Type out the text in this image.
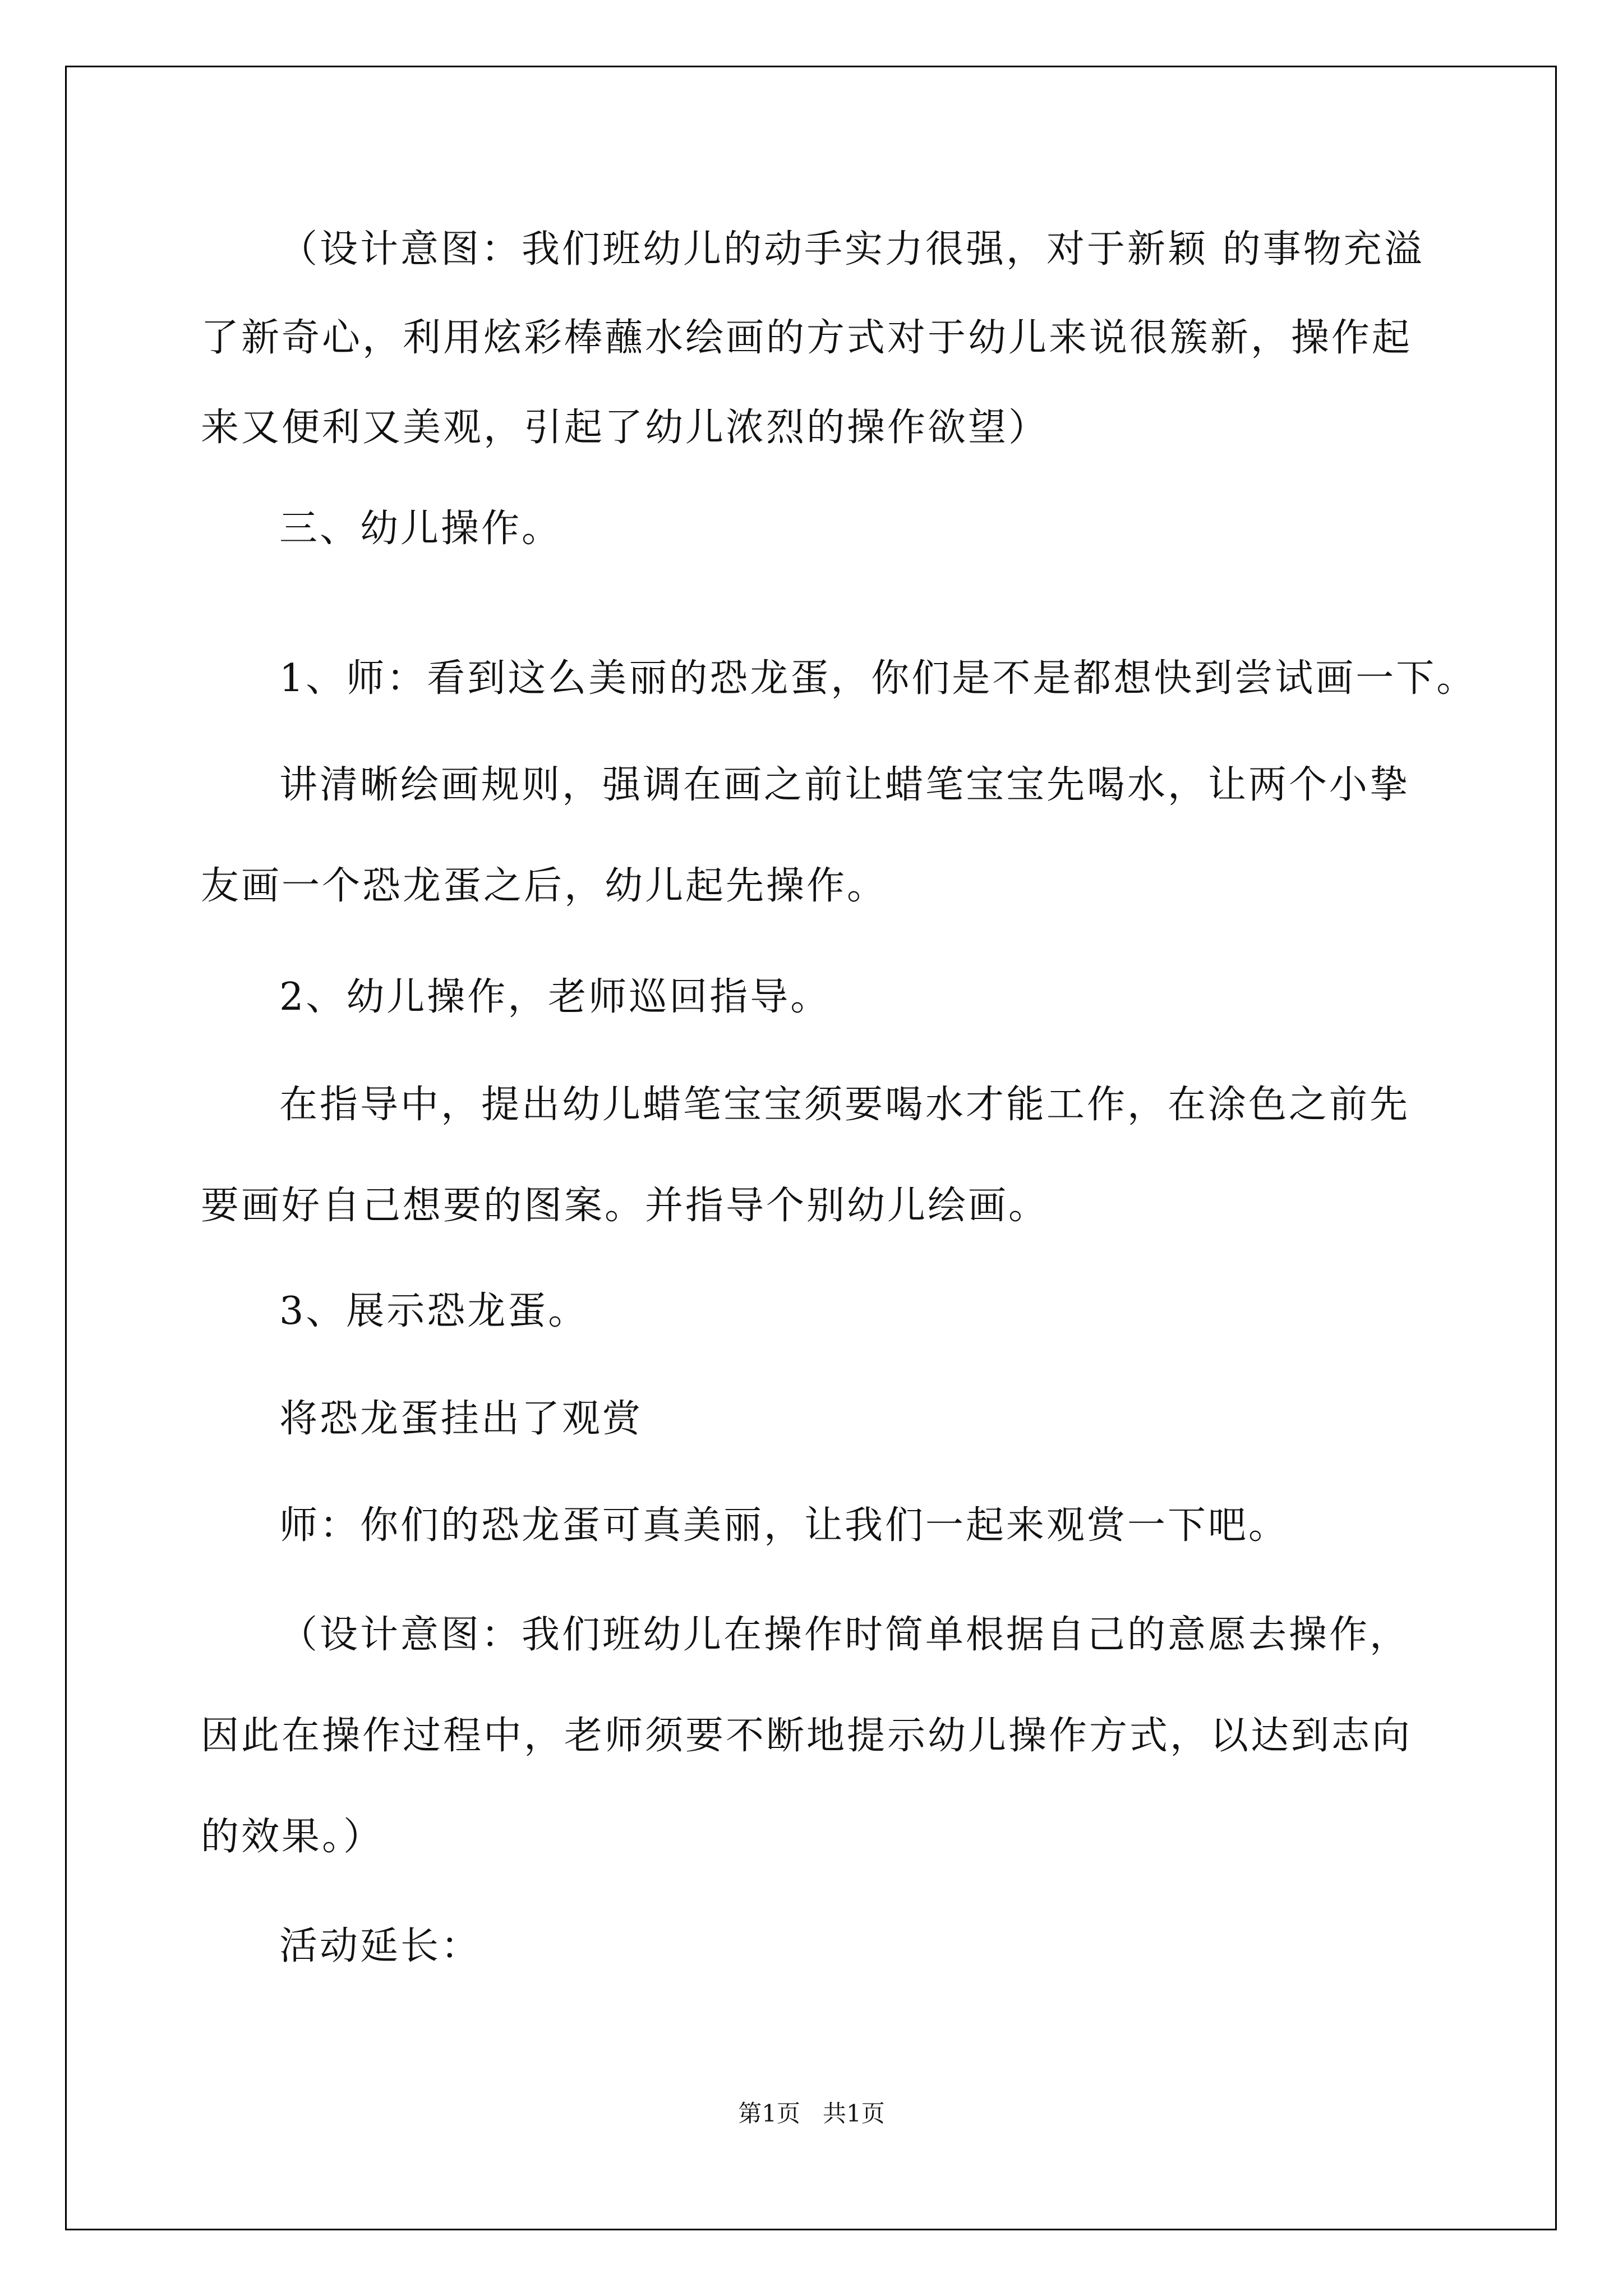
（设计意图：我们班幼儿的动手实力很强，对于新颖 的事物充溢
了新奇心，利用炫彩棒蘸水绘画的方式对于幼儿来说很簇新，操作起
来又便利又美观，引起了幼儿浓烈的操作欲望）
三、幼儿操作。
1、师：看到这么美丽的恐龙蛋，你们是不是都想快到尝试画一下。
讲清晰绘画规则，强调在画之前让蜡笔宝宝先喝水，让两个小挚
友画一个恐龙蛋之后，幼儿起先操作。
2、幼儿操作，老师巡回指导。
在指导中，提出幼儿蜡笔宝宝须要喝水才能工作，在涂色之前先
要画好自己想要的图案。并指导个别幼儿绘画。
3、展示恐龙蛋。
将恐龙蛋挂出了观赏
师：你们的恐龙蛋可真美丽，让我们一起来观赏一下吧。
（设计意图：我们班幼儿在操作时简单根据自己的意愿去操作，
因此在操作过程中，老师须要不断地提示幼儿操作方式，以达到志向
的效果。）
活动延长：
第1页   共1页
